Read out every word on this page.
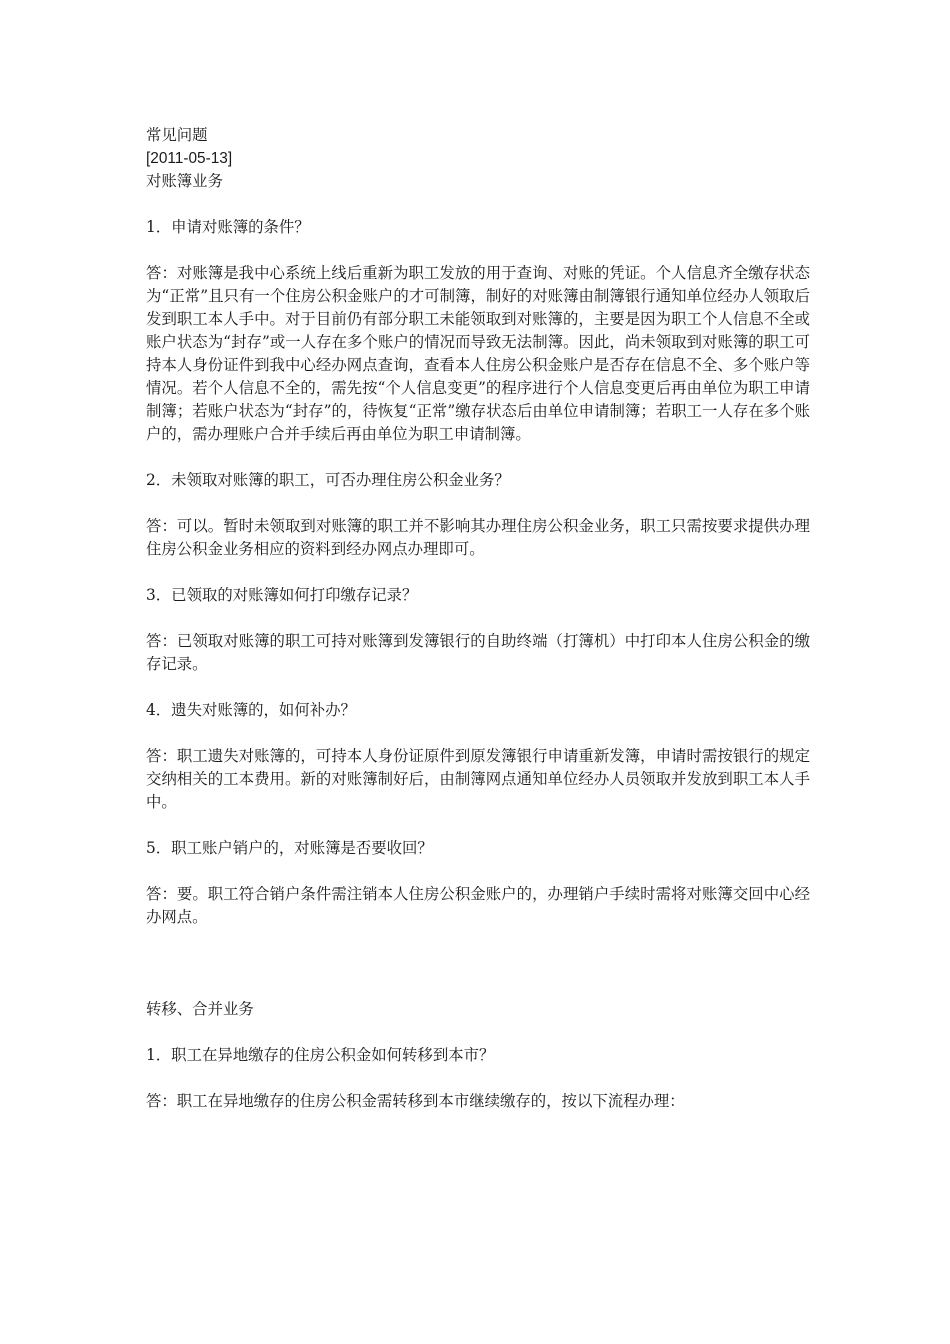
常见问题
[2011-05-13]
对账簿业务
1．申请对账簿的条件？
答：对账簿是我中心系统上线后重新为职工发放的用于查询、对账的凭证。个人信息齐全缴存状态为“正常”且只有一个住房公积金账户的才可制簿，制好的对账簿由制簿银行通知单位经办人领取后发到职工本人手中。对于目前仍有部分职工未能领取到对账簿的，主要是因为职工个人信息不全或账户状态为“封存”或一人存在多个账户的情况而导致无法制簿。因此，尚未领取到对账簿的职工可持本人身份证件到我中心经办网点查询，查看本人住房公积金账户是否存在信息不全、多个账户等情况。若个人信息不全的，需先按“个人信息变更”的程序进行个人信息变更后再由单位为职工申请制簿；若账户状态为“封存”的，待恢复“正常”缴存状态后由单位申请制簿；若职工一人存在多个账户的，需办理账户合并手续后再由单位为职工申请制簿。
2．未领取对账簿的职工，可否办理住房公积金业务？
答：可以。暂时未领取到对账簿的职工并不影响其办理住房公积金业务，职工只需按要求提供办理住房公积金业务相应的资料到经办网点办理即可。
3．已领取的对账簿如何打印缴存记录？
答：已领取对账簿的职工可持对账簿到发簿银行的自助终端（打簿机）中打印本人住房公积金的缴存记录。
4．遗失对账簿的，如何补办？
答：职工遗失对账簿的，可持本人身份证原件到原发簿银行申请重新发簿，申请时需按银行的规定交纳相关的工本费用。新的对账簿制好后，由制簿网点通知单位经办人员领取并发放到职工本人手中。
5．职工账户销户的，对账簿是否要收回？
答：要。职工符合销户条件需注销本人住房公积金账户的，办理销户手续时需将对账簿交回中心经办网点。
转移、合并业务
1．职工在异地缴存的住房公积金如何转移到本市？
答：职工在异地缴存的住房公积金需转移到本市继续缴存的，按以下流程办理：
